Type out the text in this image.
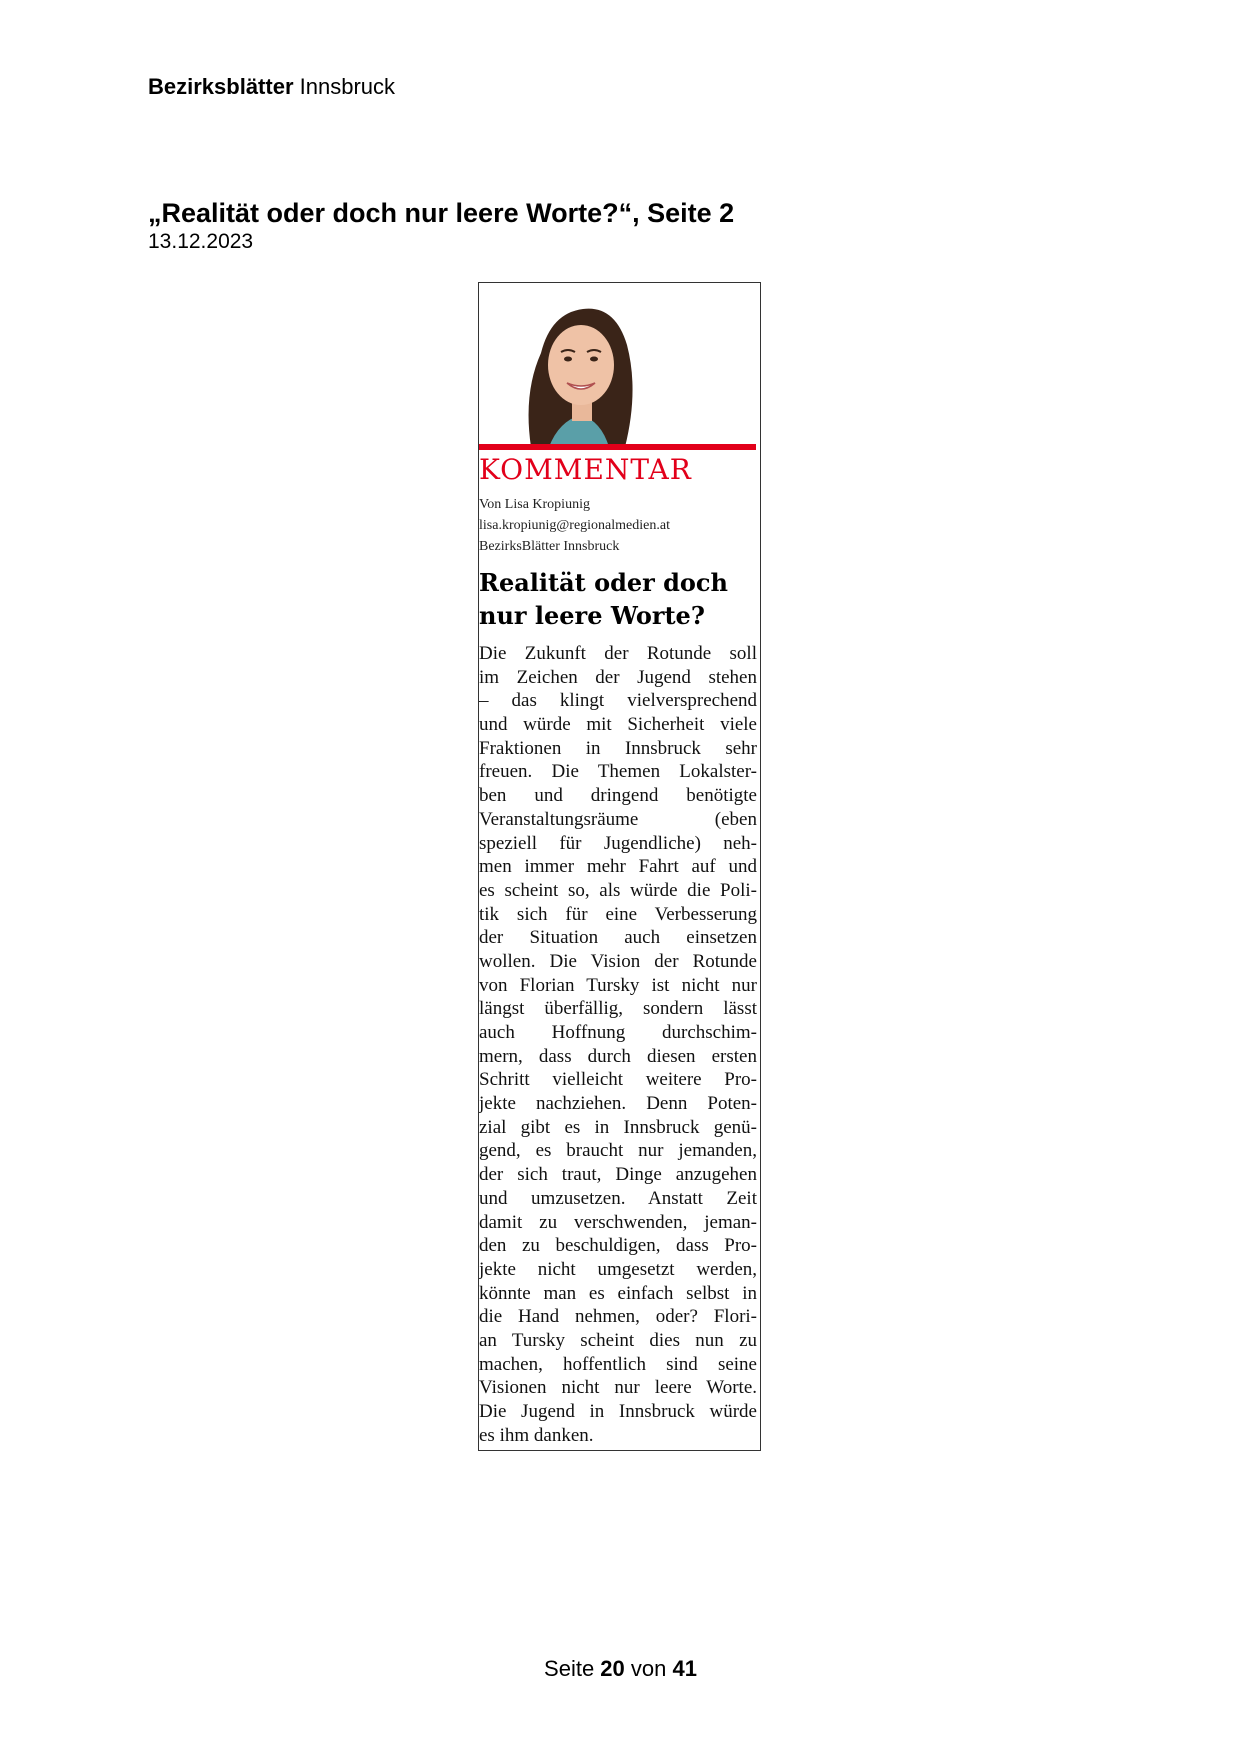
Bezirksblätter Innsbruck
„Realität oder doch nur leere Worte?“, Seite 2
13.12.2023
KOMMENTAR
Von Lisa Kropiunig
lisa.kropiunig@regionalmedien.at
BezirksBlätter Innsbruck
Realität oder doch
nur leere Worte?
Die Zukunft der Rotunde soll
im Zeichen der Jugend stehen
– das klingt vielversprechend
und würde mit Sicherheit viele
Fraktionen in Innsbruck sehr
freuen. Die Themen Lokalster-
ben und dringend benötigte
Veranstaltungsräume (eben
speziell für Jugendliche) neh-
men immer mehr Fahrt auf und
es scheint so, als würde die Poli-
tik sich für eine Verbesserung
der Situation auch einsetzen
wollen. Die Vision der Rotunde
von Florian Tursky ist nicht nur
längst überfällig, sondern lässt
auch Hoffnung durchschim-
mern, dass durch diesen ersten
Schritt vielleicht weitere Pro-
jekte nachziehen. Denn Poten-
zial gibt es in Innsbruck genü-
gend, es braucht nur jemanden,
der sich traut, Dinge anzugehen
und umzusetzen. Anstatt Zeit
damit zu verschwenden, jeman-
den zu beschuldigen, dass Pro-
jekte nicht umgesetzt werden,
könnte man es einfach selbst in
die Hand nehmen, oder? Flori-
an Tursky scheint dies nun zu
machen, hoffentlich sind seine
Visionen nicht nur leere Worte.
Die Jugend in Innsbruck würde
es ihm danken.
Seite 20 von 41
